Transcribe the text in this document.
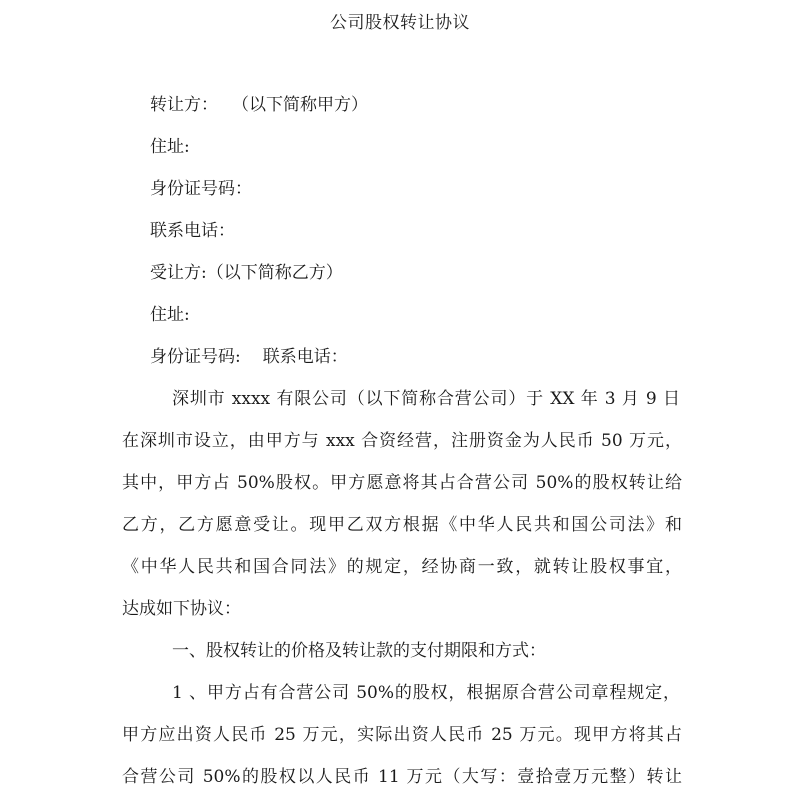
公司股权转让协议
转让方： （以下简称甲方）
住址:
身份证号码：
联系电话：
受让方:（以下简称乙方）
住址:
身份证号码: 联系电话：
深圳市 xxxx 有限公司（以下简称合营公司）于 XX 年 3 月 9 日
在深圳市设立，由甲方与 xxx 合资经营，注册资金为人民币 50 万元，
其中，甲方占 50%股权。甲方愿意将其占合营公司 50%的股权转让给
乙方，乙方愿意受让。现甲乙双方根据《中华人民共和国公司法》和
《中华人民共和国合同法》的规定，经协商一致，就转让股权事宜，
达成如下协议：
一、股权转让的价格及转让款的支付期限和方式：
1 、甲方占有合营公司 50%的股权，根据原合营公司章程规定，
甲方应出资人民币 25 万元，实际出资人民币 25 万元。现甲方将其占
合营公司 50%的股权以人民币 11 万元（大写：壹拾壹万元整）转让
